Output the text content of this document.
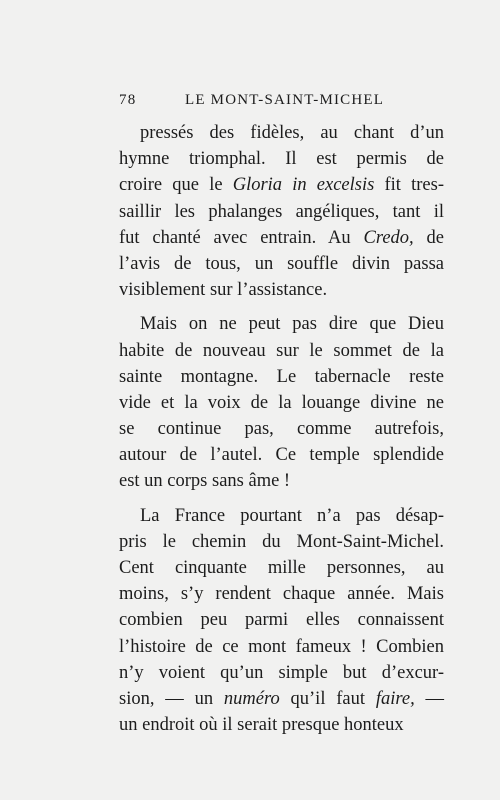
78	LE MONT-SAINT-MICHEL
pressés des fidèles, au chant d’un
hymne triomphal. Il est permis de
croire que le Gloria in excelsis fit tres-
saillir les phalanges angéliques, tant il
fut chanté avec entrain. Au Credo, de
l’avis de tous, un souffle divin passa
visiblement sur l’assistance.
Mais on ne peut pas dire que Dieu
habite de nouveau sur le sommet de la
sainte montagne. Le tabernacle reste
vide et la voix de la louange divine ne
se continue pas, comme autrefois,
autour de l’autel. Ce temple splendide
est un corps sans âme !
La France pourtant n’a pas désap-
pris le chemin du Mont-Saint-Michel.
Cent cinquante mille personnes, au
moins, s’y rendent chaque année. Mais
combien peu parmi elles connaissent
l’histoire de ce mont fameux ! Combien
n’y voient qu’un simple but d’excur-
sion, — un numéro qu’il faut faire, —
un endroit où il serait presque honteux
